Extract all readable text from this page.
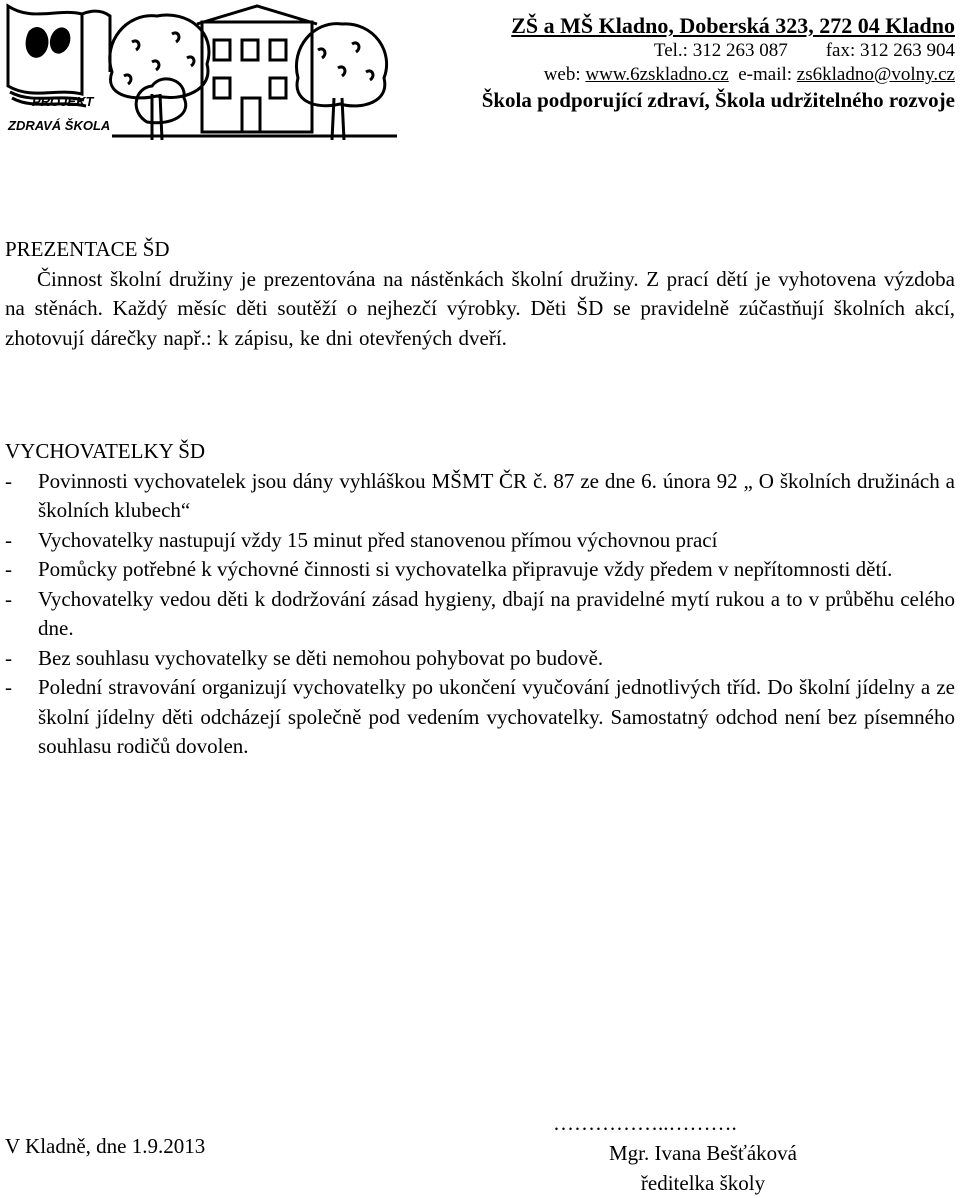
PROJEKT
ZDRAVÁ ŠKOLA
ZŠ a MŠ Kladno, Doberská 323, 272 04 Kladno
Tel.: 312 263 087 fax: 312 263 904
web: www.6zskladno.cz e-mail: zs6kladno@volny.cz
Škola podporující zdraví, Škola udržitelného rozvoje
PREZENTACE ŠD
Činnost školní družiny je prezentována na nástěnkách školní družiny. Z prací dětí je vyhotovena výzdoba na stěnách. Každý měsíc děti soutěží o nejhezčí výrobky. Děti ŠD se pravidelně zúčastňují školních akcí, zhotovují dárečky např.: k zápisu, ke dni otevřených dveří.
VYCHOVATELKY ŠD
- Povinnosti vychovatelek jsou dány vyhláškou MŠMT ČR č. 87 ze dne 6. února 92 „ O školních družinách a školních klubech“
- Vychovatelky nastupují vždy 15 minut před stanovenou přímou výchovnou prací
- Pomůcky potřebné k výchovné činnosti si vychovatelka připravuje vždy předem v nepřítomnosti dětí.
- Vychovatelky vedou děti k dodržování zásad hygieny, dbají na pravidelné mytí rukou a to v průběhu celého dne.
- Bez souhlasu vychovatelky se děti nemohou pohybovat po budově.
- Polední stravování organizují vychovatelky po ukončení vyučování jednotlivých tříd. Do školní jídelny a ze školní jídelny děti odcházejí společně pod vedením vychovatelky. Samostatný odchod není bez písemného souhlasu rodičů dovolen.
V Kladně, dne 1.9.2013
……………..……….
Mgr. Ivana Bešťáková
ředitelka školy
